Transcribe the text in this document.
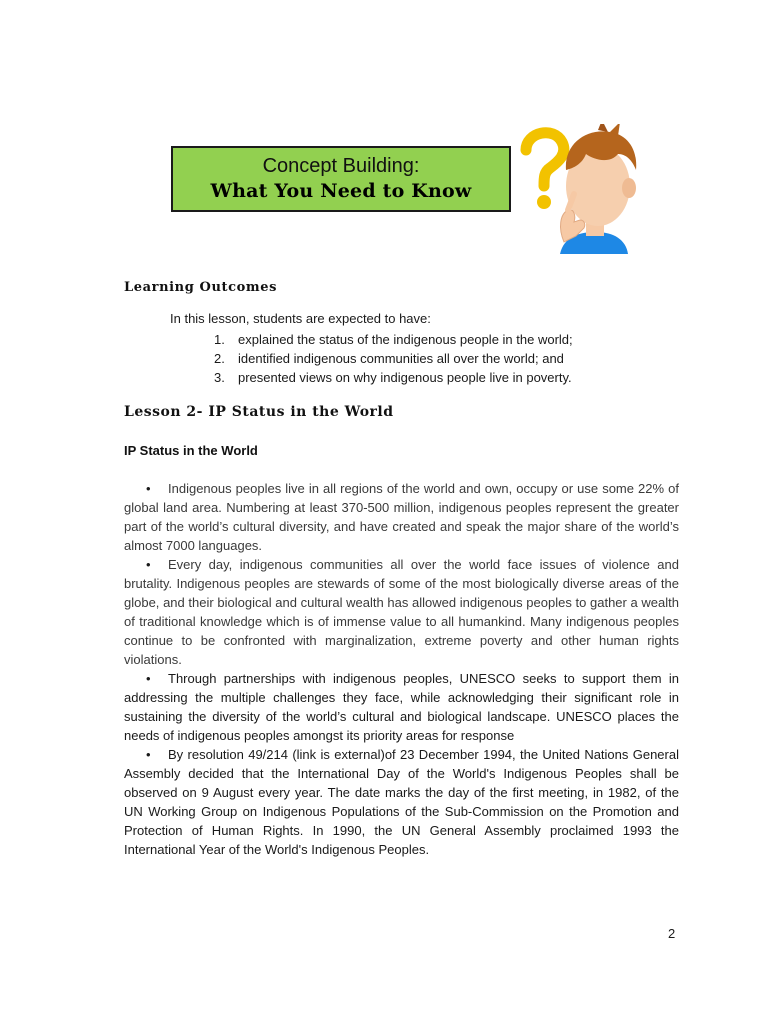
Concept Building:
What You Need to Know
Learning Outcomes
In this lesson, students are expected to have:
1. explained the status of the indigenous people in the world;
2. identified indigenous communities all over the world; and
3. presented views on why indigenous people live in poverty.
Lesson 2- IP Status in the World
IP Status in the World

• Indigenous peoples live in all regions of the world and own, occupy or use some 22% of global land area. Numbering at least 370-500 million, indigenous peoples represent the greater part of the world’s cultural diversity, and have created and speak the major share of the world’s almost 7000 languages.

• Every day, indigenous communities all over the world face issues of violence and brutality. Indigenous peoples are stewards of some of the most biologically diverse areas of the globe, and their biological and cultural wealth has allowed indigenous peoples to gather a wealth of traditional knowledge which is of immense value to all humankind. Many indigenous peoples continue to be confronted with marginalization, extreme poverty and other human rights violations.

• Through partnerships with indigenous peoples, UNESCO seeks to support them in addressing the multiple challenges they face, while acknowledging their significant role in sustaining the diversity of the world’s cultural and biological landscape. UNESCO places the needs of indigenous peoples amongst its priority areas for response

• By resolution 49/214 (link is external)of 23 December 1994, the United Nations General Assembly decided that the International Day of the World's Indigenous Peoples shall be observed on 9 August every year. The date marks the day of the first meeting, in 1982, of the UN Working Group on Indigenous Populations of the Sub-Commission on the Promotion and Protection of Human Rights. In 1990, the UN General Assembly proclaimed 1993 the International Year of the World's Indigenous Peoples.

2
